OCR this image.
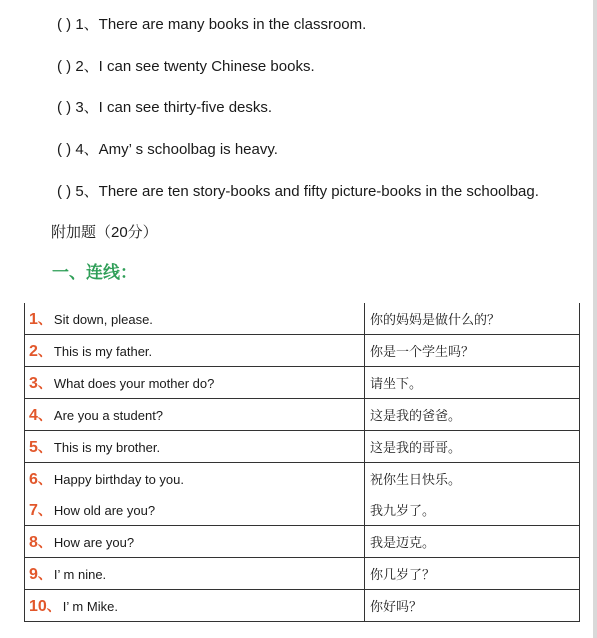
( ) 1、There are many books in the classroom.
( ) 2、I can see twenty Chinese books.
( ) 3、I can see thirty-five desks.
( ) 4、Amy’ s schoolbag is heavy.
( ) 5、There are ten story-books and fifty picture-books in the schoolbag.
附加题（20分）
一、连线：
1、 Sit down, please.	你的妈妈是做什么的？
2、 This is my father.	你是一个学生吗？
3、 What does your mother do?	请坐下。
4、 Are you a student?	这是我的爸爸。
5、 This is my brother.	这是我的哥哥。
6、 Happy birthday to you.	祝你生日快乐。
7、 How old are you?	我九岁了。
8、 How are you?	我是迈克。
9、 I’ m nine.	你几岁了？
10、 I’ m Mike.	你好吗？
